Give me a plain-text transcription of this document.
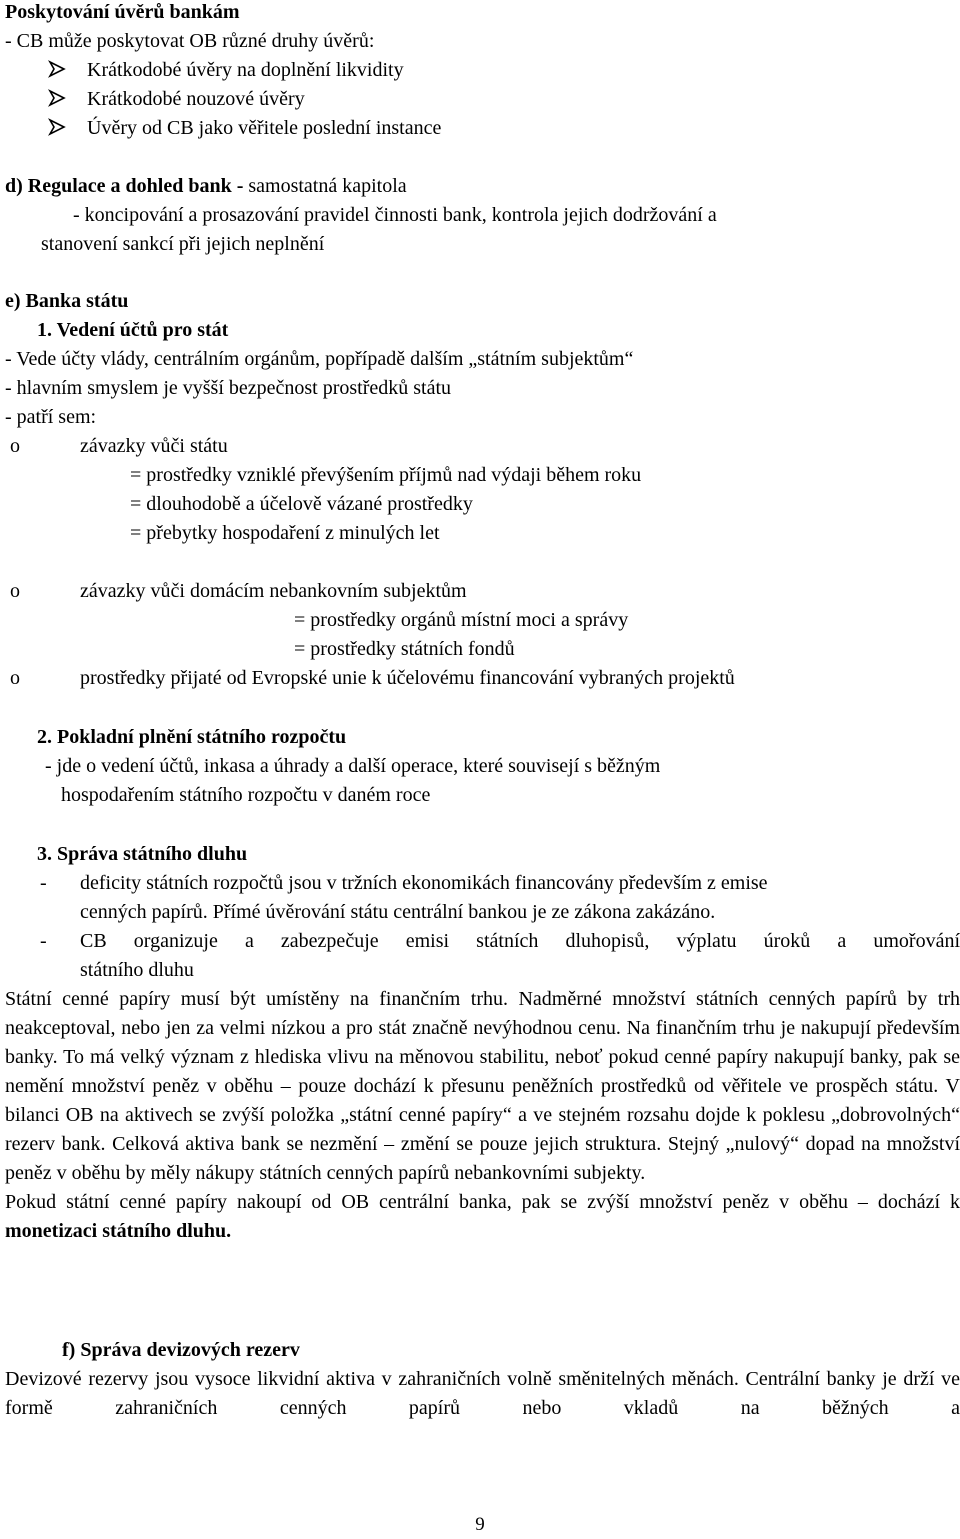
Poskytování úvěrů bankám
- CB může poskytovat OB různé druhy úvěrů:
Krátkodobé úvěry na doplnění likvidity
Krátkodobé nouzové úvěry
Úvěry od CB jako věřitele poslední instance
d) Regulace a dohled bank - samostatná kapitola
- koncipování a prosazování pravidel činnosti bank, kontrola jejich dodržování a
stanovení sankcí při jejich neplnění
e) Banka státu
1. Vedení účtů pro stát
- Vede účty vlády, centrálním orgánům, popřípadě dalším „státním subjektům“
- hlavním smyslem je vyšší bezpečnost prostředků státu
- patří sem:
o	závazky vůči státu
= prostředky vzniklé převýšením příjmů nad výdaji během roku
= dlouhodobě a účelově vázané prostředky
= přebytky hospodaření z minulých let
o	závazky vůči domácím nebankovním subjektům
= prostředky orgánů místní moci a správy
= prostředky státních fondů
o	prostředky přijaté od Evropské unie k účelovému financování vybraných projektů
2. Pokladní plnění státního rozpočtu
- jde o vedení účtů, inkasa a úhrady a další operace, které souvisejí s běžným
hospodařením státního rozpočtu v daném roce
3. Správa státního dluhu
- deficity státních rozpočtů jsou v tržních ekonomikách financovány především z emise
cenných papírů. Přímé úvěrování státu centrální bankou je ze zákona zakázáno.
- CB organizuje a zabezpečuje emisi státních dluhopisů, výplatu úroků a umořování
státního dluhu

Státní cenné papíry musí být umístěny na finančním trhu. Nadměrné množství státních cenných papírů by trh neakceptoval, nebo jen za velmi nízkou a pro stát značně nevýhodnou cenu. Na finančním trhu je nakupují především banky. To má velký význam z hlediska vlivu na měnovou stabilitu, neboť pokud cenné papíry nakupují banky, pak se nemění množství peněz v oběhu – pouze dochází k přesunu peněžních prostředků od věřitele ve prospěch státu. V bilanci OB na aktivech se zvýší položka „státní cenné papíry“ a ve stejném rozsahu dojde k poklesu „dobrovolných“ rezerv bank. Celková aktiva bank se nezmění – změní se pouze jejich struktura. Stejný „nulový“ dopad na množství peněz v oběhu by měly nákupy státních cenných papírů nebankovními subjekty.

Pokud státní cenné papíry nakoupí od OB centrální banka, pak se zvýší množství peněz v oběhu – dochází k monetizaci státního dluhu.

f) Správa devizových rezerv

Devizové rezervy jsou vysoce likvidní aktiva v zahraničních volně směnitelných měnách. Centrální banky je drží ve formě zahraničních cenných papírů nebo vkladů na běžných a

9
